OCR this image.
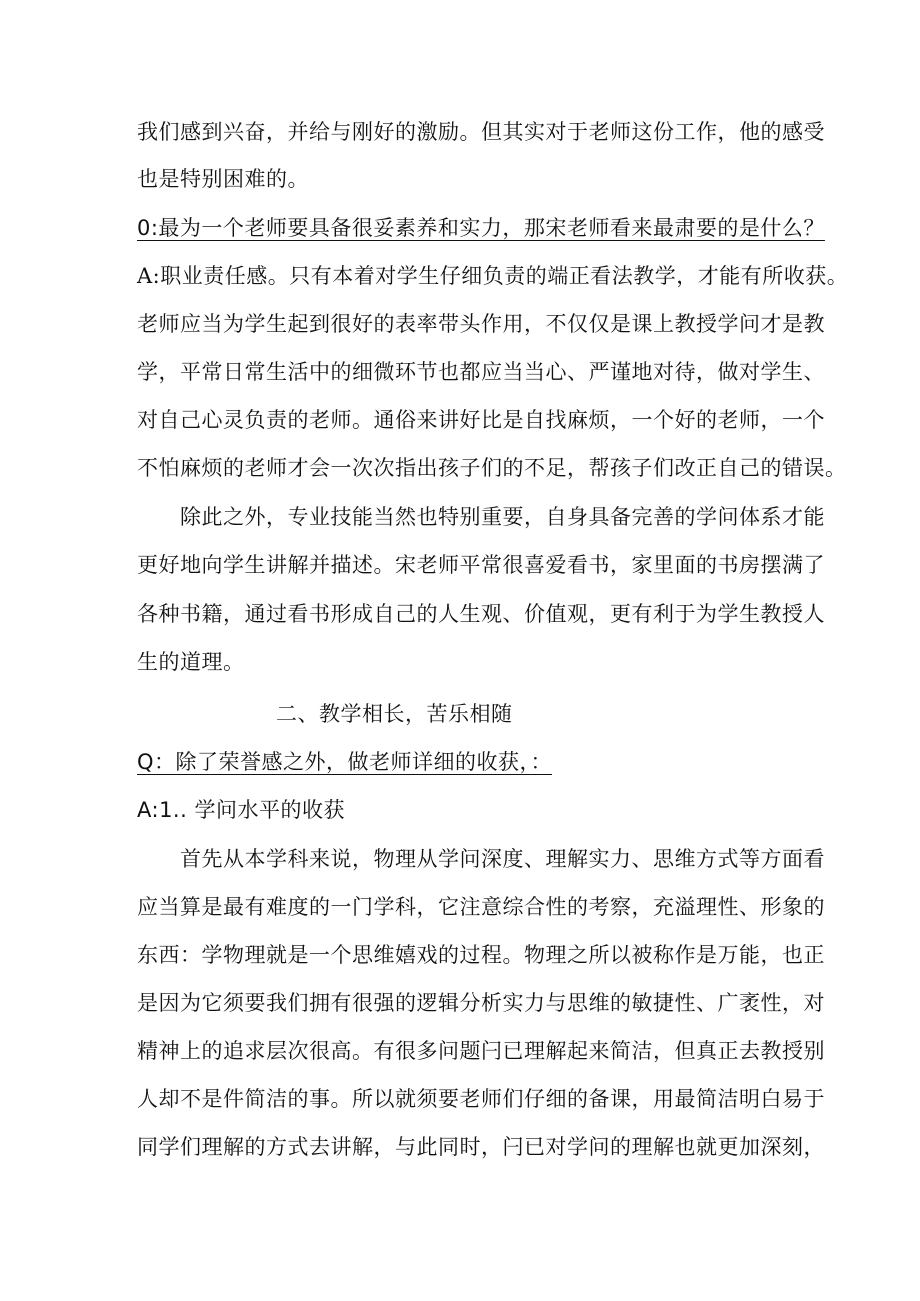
我们感到兴奋，并给与刚好的激励。但其实对于老师这份工作，他的感受
也是特别困难的。
0:最为一个老师要具备很妥素养和实力，那宋老师看来最肃要的是什么？
A:职业责任感。只有本着对学生仔细负责的端正看法教学，才能有所收获。
老师应当为学生起到很好的表率带头作用，不仅仅是课上教授学问才是教
学，平常日常生活中的细微环节也都应当当心、严谨地对待，做对学生、
对自己心灵负责的老师。通俗来讲好比是自找麻烦，一个好的老师，一个
不怕麻烦的老师才会一次次指出孩子们的不足，帮孩子们改正自己的错误。
除此之外，专业技能当然也特别重要，自身具备完善的学问体系才能
更好地向学生讲解并描述。宋老师平常很喜爱看书，家里面的书房摆满了
各种书籍，通过看书形成自己的人生观、价值观，更有利于为学生教授人
生的道理。
二、教学相长，苦乐相随
Q：除了荣誉感之外，做老师详细的收获，：
A:1.. 学问水平的收获
首先从本学科来说，物理从学问深度、理解实力、思维方式等方面看
应当算是最有难度的一门学科，它注意综合性的考察，充溢理性、形象的
东西：学物理就是一个思维嬉戏的过程。物理之所以被称作是万能，也正
是因为它须要我们拥有很强的逻辑分析实力与思维的敏捷性、广袤性，对
精神上的追求层次很高。有很多问题闩已理解起来简洁，但真正去教授别
人却不是件简洁的事。所以就须要老师们仔细的备课，用最简洁明白易于
同学们理解的方式去讲解，与此同时，闩已对学问的理解也就更加深刻，
